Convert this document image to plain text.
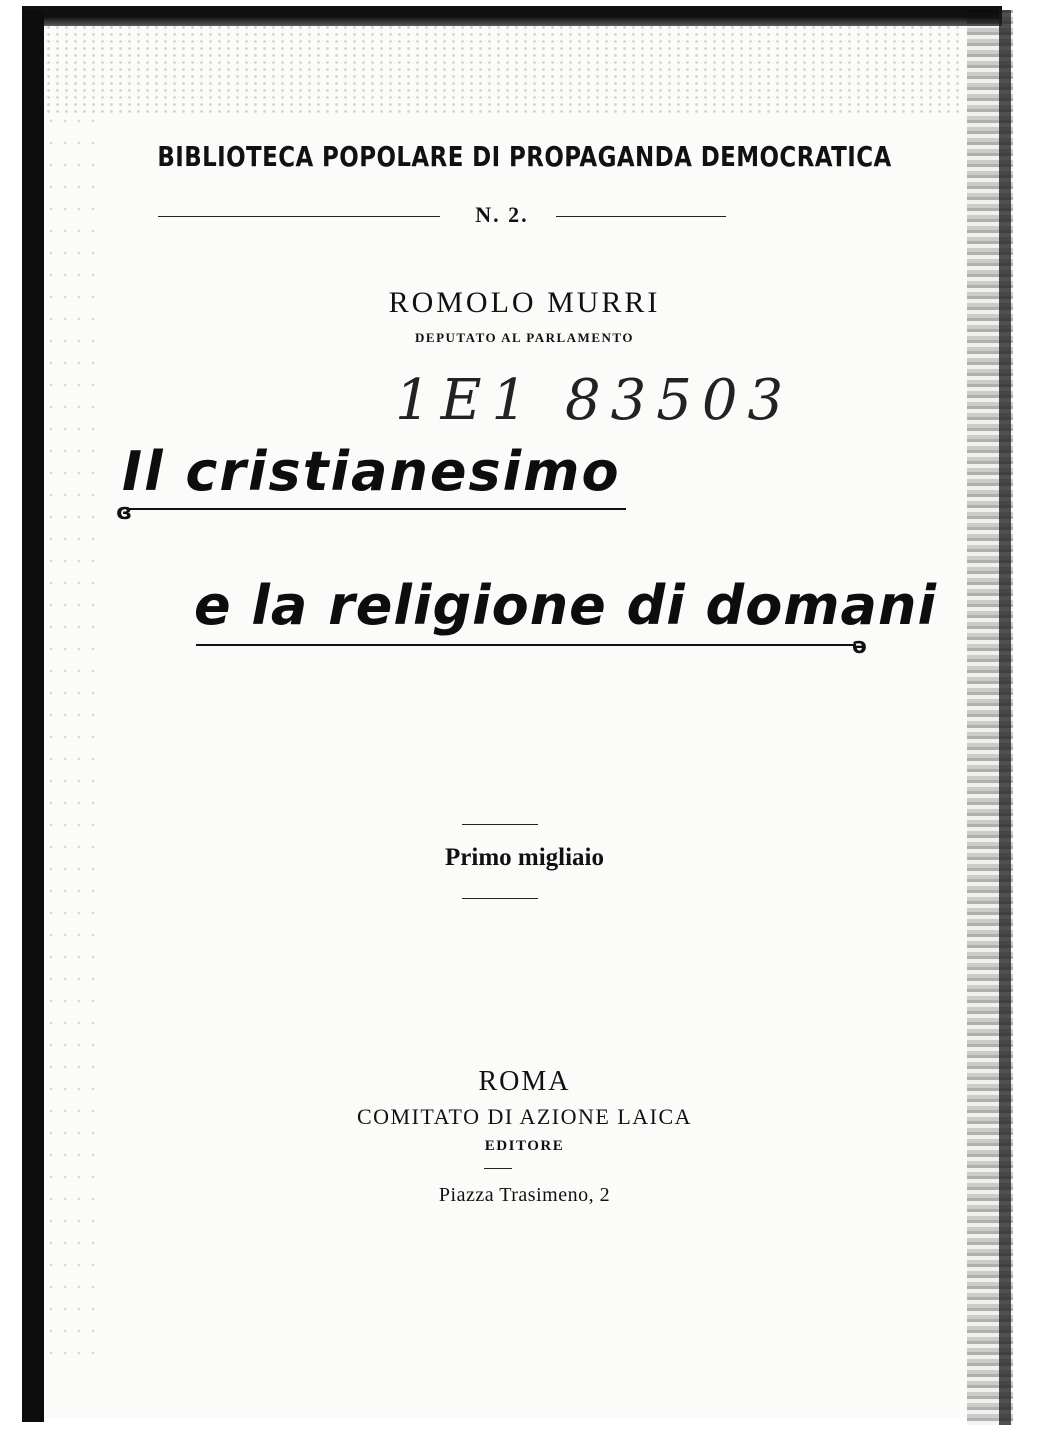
BIBLIOTECA POPOLARE DI PROPAGANDA DEMOCRATICA
N. 2.
ROMOLO MURRI
DEPUTATO AL PARLAMENTO
1E1 83503
Il cristianesimo
ɞ
e la religione di domani
ə
Primo migliaio
ROMA
COMITATO DI AZIONE LAICA
EDITORE
Piazza Trasimeno, 2
